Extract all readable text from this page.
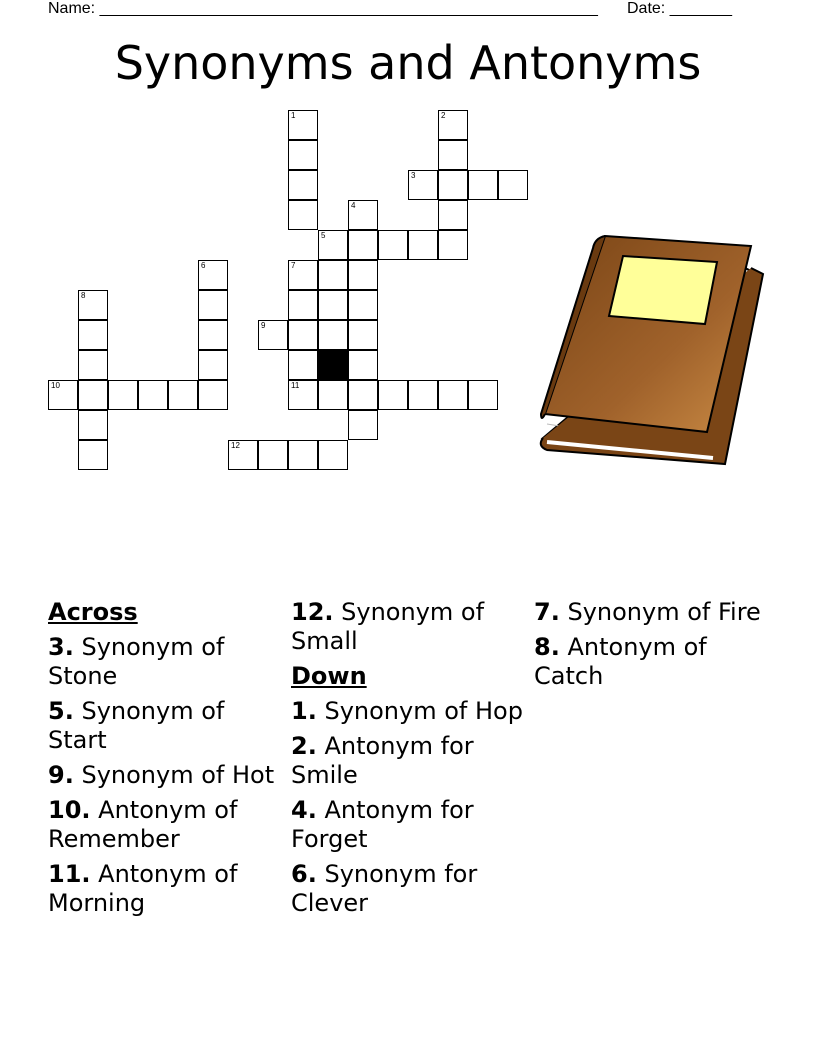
Name: ________________________________________________________ Date: _______
Synonyms and Antonyms
1	2
3
4
5
6	7
11
8
9
10
12
Across
3. Synonym of Stone
5. Synonym of Start
9. Synonym of Hot
10. Antonym of Remember
11. Antonym of Morning
12. Synonym of Small
Down
1. Synonym of Hop
2. Antonym for Smile
4. Antonym for Forget
6. Synonym for Clever
7. Synonym of Fire
8. Antonym of Catch
